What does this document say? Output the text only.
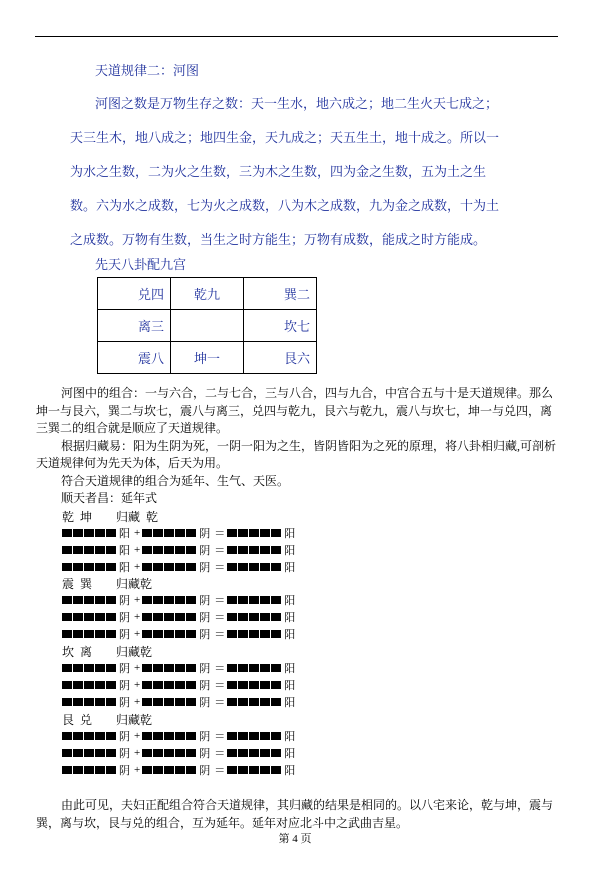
天道规律二：河图
河图之数是万物生存之数：天一生水，地六成之；地二生火天七成之；天三生木，地八成之；地四生金，天九成之；天五生土，地十成之。所以一为水之生数，二为火之生数，三为木之生数，四为金之生数，五为土之生数。六为水之成数，七为火之成数，八为木之成数，九为金之成数，十为土之成数。万物有生数，当生之时方能生；万物有成数，能成之时方能成。
先天八卦配九宫
兑四	乾九	巽二
离三		坎七
震八	坤一	艮六

河图中的组合：一与六合，二与七合，三与八合，四与九合，中宫合五与十是天道规律。那么坤一与艮六，巽二与坎七，震八与离三，兑四与乾九，艮六与乾九，震八与坎七，坤一与兑四，离三巽二的组合就是顺应了天道规律。

根据归藏易：阳为生阴为死，一阴一阳为之生，皆阴皆阳为之死的原理，将八卦相归藏,可剖析天道规律何为先天为体，后天为用。

符合天道规律的组合为延年、生气、天医。

顺天者昌：延年式

乾  坤        归藏  乾
阳 +	阴 ＝	阳
阳 +	阴 ＝	阳
阳 +	阴 ＝	阳
震  巽        归藏乾
阴 +	阴 ＝	阳
阴 +	阴 ＝	阳
阴 +	阴 ＝	阳
坎  离        归藏乾
阴 +	阴 ＝	阳
阴 +	阴 ＝	阳
阴 +	阴 ＝	阳
艮  兑        归藏乾
阴 +	阴 ＝	阳
阴 +	阴 ＝	阳
阴 +	阴 ＝	阳
由此可见，夫妇正配组合符合天道规律，其归藏的结果是相同的。以八宅来论，乾与坤，震与巽，离与坎，艮与兑的组合，互为延年。延年对应北斗中之武曲吉星。
第 4 页
